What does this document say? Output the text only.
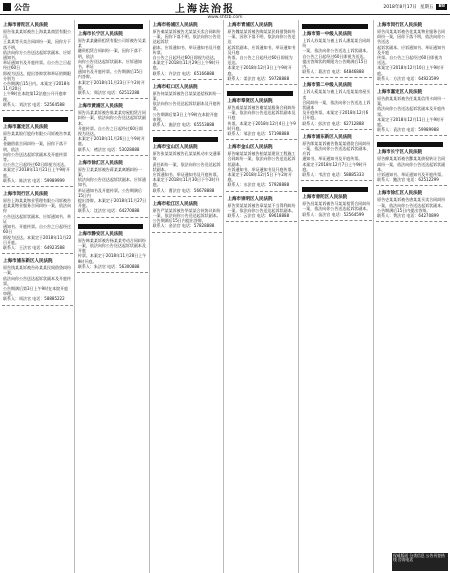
公告	上海法治报	2018年8月17日 星期五	B8
www.shfzb.com
上海市普陀区人民法院
原告张某某诉被告上海某某商贸有限公司、
王某某等买卖合同纠纷一案，因你方下落不明，
依法向你方公告送达起诉状副本、应诉通知书、
举证通知书及开庭传票。自公告之日起经过60日
即视为送达。提出答辩状和举证的期限分别为
公告期满后15日内。本案定于2018年11月20日
上午9时在本院第12法庭公开开庭审理。
联系人：刘法官 电话：52564588
上海市嘉定区人民法院
原告某某银行股份有限公司诉被告李某某
金融借款合同纠纷一案，因你下落不明，依法
向你公告送达起诉状副本及开庭传票等。
自公告之日起经过60日即视为送达。
本案定于2018年11月21日上午9时开庭。
联系人：陈法官 电话：59989999
上海市闵行区人民法院
原告上海某某物业管理有限公司诉被告
赵某某物业服务合同纠纷一案，依法向你
公告送达起诉状副本、应诉通知书、举证
通知书、开庭传票。自公告之日起经过60日
即视为送达。本案定于2018年11月22日开庭。
联系人：王法官 电话：64923588
上海市浦东新区人民法院
原告钱某某诉被告孙某某民间借贷纠纷一案，
依法向你公告送达起诉状副本及开庭传票。
公告期满后第3日上午9时在本院开庭审理。
联系人：周法官 电话：58885222
上海市长宁区人民法院
原告某某融资租赁有限公司诉被告吴某某
融资租赁合同纠纷一案，因你下落不明，依法
向你公告送达起诉状副本、应诉通知书、举证
通知书及开庭传票。公告期满后15日内答辩。
本案定于2018年11月23日下午2时开庭。
联系人：郑法官 电话：62512288
上海市黄浦区人民法院
原告冯某某诉被告陈某某房屋租赁合同
纠纷一案，依法向你公告送达起诉状副本、
开庭传票。自公告之日起经过60日即视为送达。
本案定于2018年11月26日上午9时开庭。
联系人：褚法官 电话：53028888
上海市徐汇区人民法院
原告卫某某诉被告蒋某某离婚纠纷一案，
依法向你公告送达起诉状副本、应诉通知书、
举证通知书及开庭传票。公告期满后15日内
提出答辩。本案定于2018年11月27日开庭。
联系人：沈法官 电话：64270888
上海市静安区人民法院
原告韩某某诉被告杨某某劳动合同纠纷
一案，依法向你公告送达起诉状副本及开庭
传票。本案定于2018年11月28日上午9时开庭。
联系人：朱法官 电话：56300888
上海市杨浦区人民法院
原告秦某某诉被告尤某某买卖合同纠纷
一案，因你下落不明，依法向你公告送达起诉状
副本、应诉通知书、举证通知书及开庭传票。
自公告之日起经过60日即视为送达。
本案定于2018年11月29日上午9时开庭。
联系人：许法官 电话：65166888
上海市虹口区人民法院
原告何某某诉被告吕某某追偿权纠纷一案，
依法向你公告送达起诉状副本及开庭传票。
公告期满后第3日上午9时在本院开庭审理。
联系人：施法官 电话：65553888
上海市宝山区人民法院
原告张某某诉被告孔某某机动车交通事故
责任纠纷一案，依法向你公告送达起诉状副本、
应诉通知书、举证通知书及开庭传票。
本案定于2018年11月30日下午2时开庭。
联系人：曹法官 电话：56678888
上海市松江区人民法院
原告严某某诉被告华某某合伙协议纠纷
一案，依法向你公告送达起诉状副本。
公告期满后15日内提出答辩。
联系人：金法官 电话：57828888
上海市青浦区人民法院
原告魏某某诉被告陶某某民间借贷纠纷
一案，因你下落不明，依法向你公告送达
起诉状副本、应诉通知书、举证通知书及开庭
传票。自公告之日起经过60日即视为送达。
本案定于2018年12月3日上午9时开庭。
联系人：姜法官 电话：59728888
上海市奉贤区人民法院
原告戚某某诉被告谢某某服务合同纠纷
一案，依法向你公告送达起诉状副本及开庭
传票。本案定于2018年12月4日上午9时开庭。
联系人：邹法官 电话：57198888
上海市金山区人民法院
原告喻某某诉被告柏某某建设工程施工
合同纠纷一案，依法向你公告送达起诉状副本、
应诉通知书、举证通知书及开庭传票。
本案定于2018年12月5日下午2时开庭。
联系人：水法官 电话：57928888
上海市崇明区人民法院
原告窦某某诉被告章某某不当得利纠纷
一案，依法向你公告送达起诉状副本。
联系人：云法官 电话：69618888
上海市第一中级人民法院
上诉人苏某某与被上诉人潘某某合同纠纷
一案，依法向你公告送达上诉状副本。
自公告之日起经过60日即视为送达。
提出答辩状的期限为公告期满后15日内。
联系人：葛法官 电话：64846888
上海市第二中级人民法院
上诉人奚某某与被上诉人范某某房屋买卖
合同纠纷一案，依法向你公告送达上诉状副本
及开庭传票。本案定于2018年12月6日开庭。
联系人：彭法官 电话：62712888
上海市浦东新区人民法院
原告郎某某诉被告鲁某某借款合同纠纷
一案，依法向你公告送达起诉状副本、应诉
通知书、举证通知书及开庭传票。
本案定于2018年12月7日上午9时开庭。
联系人：韦法官 电话：58885333
上海市普陀区人民法院
原告昌某某诉被告马某某租赁合同纠纷
一案，依法向你公告送达起诉状副本。
联系人：苗法官 电话：52564599
上海市闵行区人民法院
原告凤某某诉被告花某某物业服务合同
纠纷一案，因你下落不明，依法向你公告送达
起诉状副本、应诉通知书、举证通知书及开庭
传票。自公告之日起经过60日即视为送达。
本案定于2018年12月10日上午9时开庭。
联系人：方法官 电话：64923599
上海市嘉定区人民法院
原告俞某某诉被告任某某信用卡纠纷一案，
依法向你公告送达起诉状副本及开庭传票。
本案定于2018年12月11日上午9时开庭。
联系人：袁法官 电话：59989988
上海市长宁区人民法院
原告柳某某诉被告酆某某债权转让合同
纠纷一案，依法向你公告送达起诉状副本、
应诉通知书、举证通知书及开庭传票。
联系人：鲍法官 电话：62512299
上海市徐汇区人民法院
原告史某某诉被告唐某某买卖合同纠纷
一案，依法向你公告送达起诉状副本。
公告期满后15日内提出答辩。
联系人：费法官 电话：64270899
权威版面 分类信息 公告刊登热线 咨询电话
